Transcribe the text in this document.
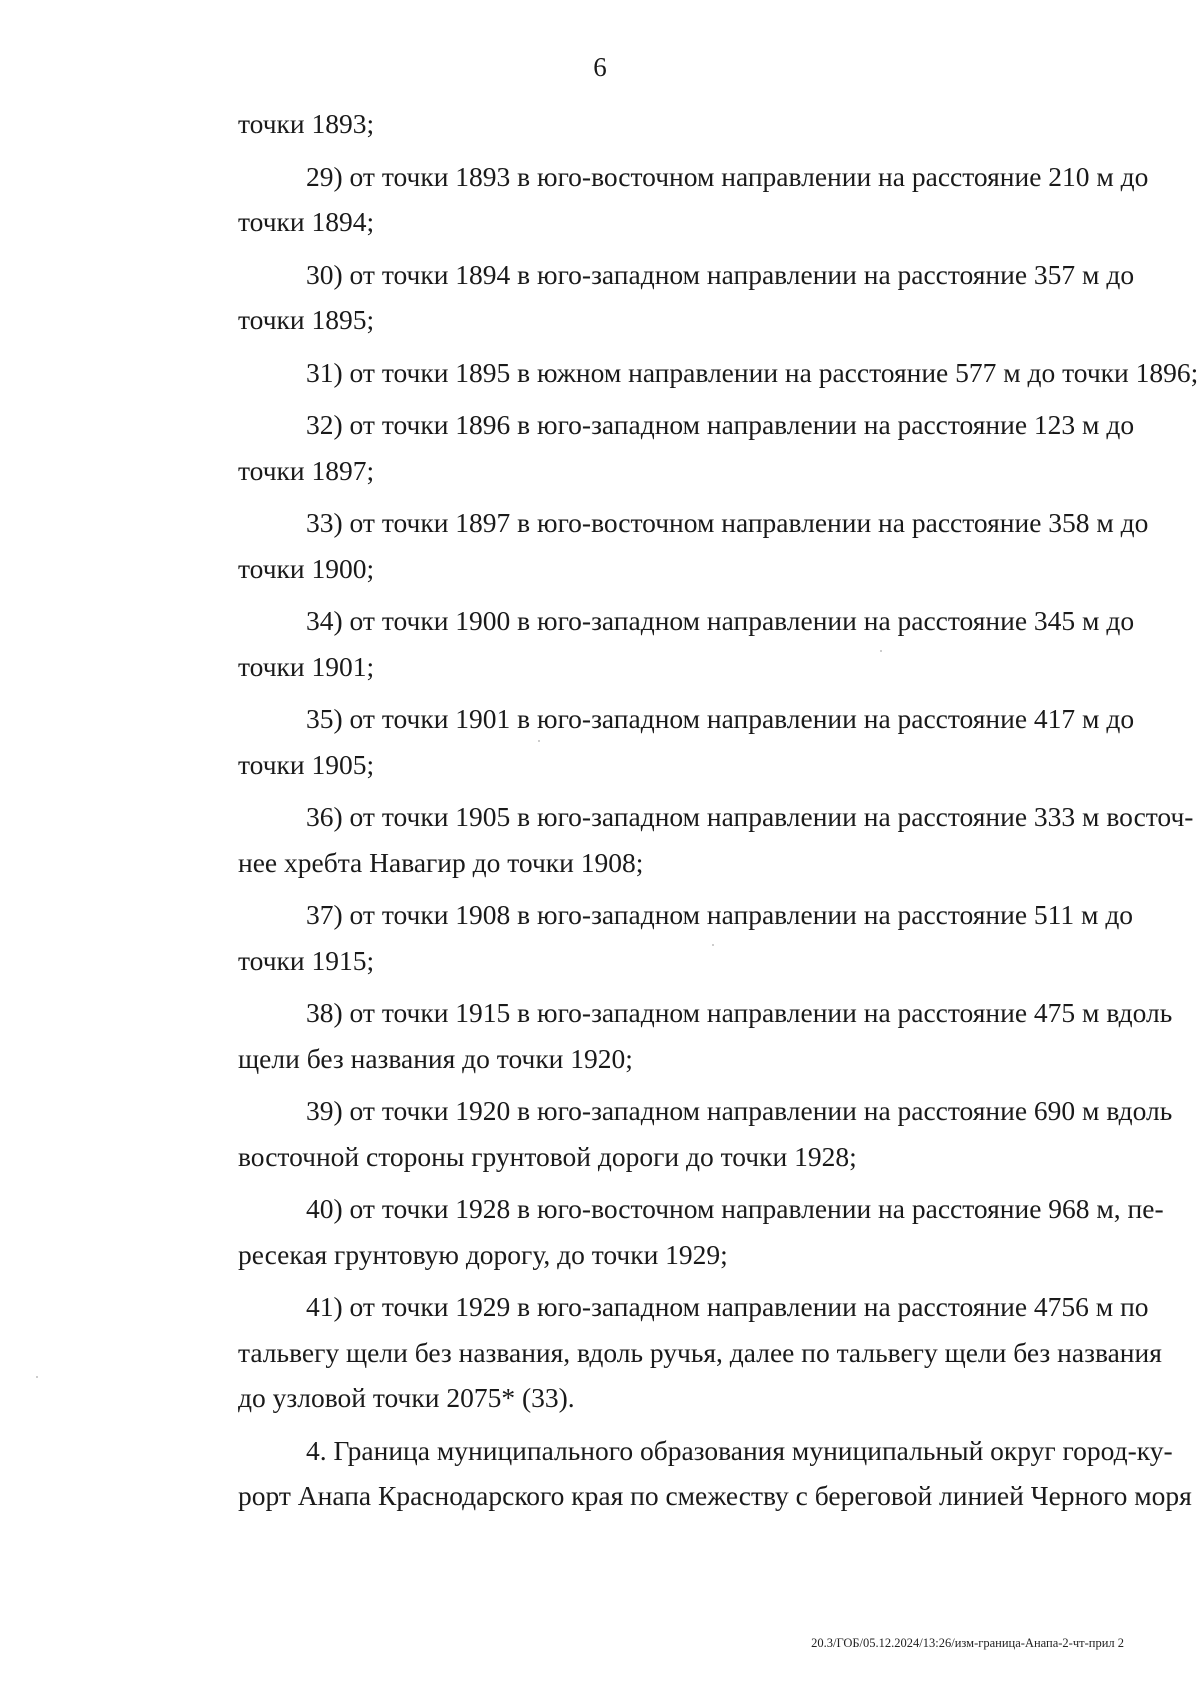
6
точки 1893;
29) от точки 1893 в юго-восточном направлении на расстояние 210 м до
точки 1894;
30) от точки 1894 в юго-западном направлении на расстояние 357 м до
точки 1895;
31) от точки 1895 в южном направлении на расстояние 577 м до точки 1896;
32) от точки 1896 в юго-западном направлении на расстояние 123 м до
точки 1897;
33) от точки 1897 в юго-восточном направлении на расстояние 358 м до
точки 1900;
34) от точки 1900 в юго-западном направлении на расстояние 345 м до
точки 1901;
35) от точки 1901 в юго-западном направлении на расстояние 417 м до
точки 1905;
36) от точки 1905 в юго-западном направлении на расстояние 333 м восточ-
нее хребта Навагир до точки 1908;
37) от точки 1908 в юго-западном направлении на расстояние 511 м до
точки 1915;
38) от точки 1915 в юго-западном направлении на расстояние 475 м вдоль
щели без названия до точки 1920;
39) от точки 1920 в юго-западном направлении на расстояние 690 м вдоль
восточной стороны грунтовой дороги до точки 1928;
40) от точки 1928 в юго-восточном направлении на расстояние 968 м, пе-
ресекая грунтовую дорогу, до точки 1929;
41) от точки 1929 в юго-западном направлении на расстояние 4756 м по
тальвегу щели без названия, вдоль ручья, далее по тальвегу щели без названия
до узловой точки 2075* (33).
4. Граница муниципального образования муниципальный округ город-ку-
рорт Анапа Краснодарского края по смежеству с береговой линией Черного моря
20.3/ГОБ/05.12.2024/13:26/изм-граница-Анапа-2-чт-прил 2
